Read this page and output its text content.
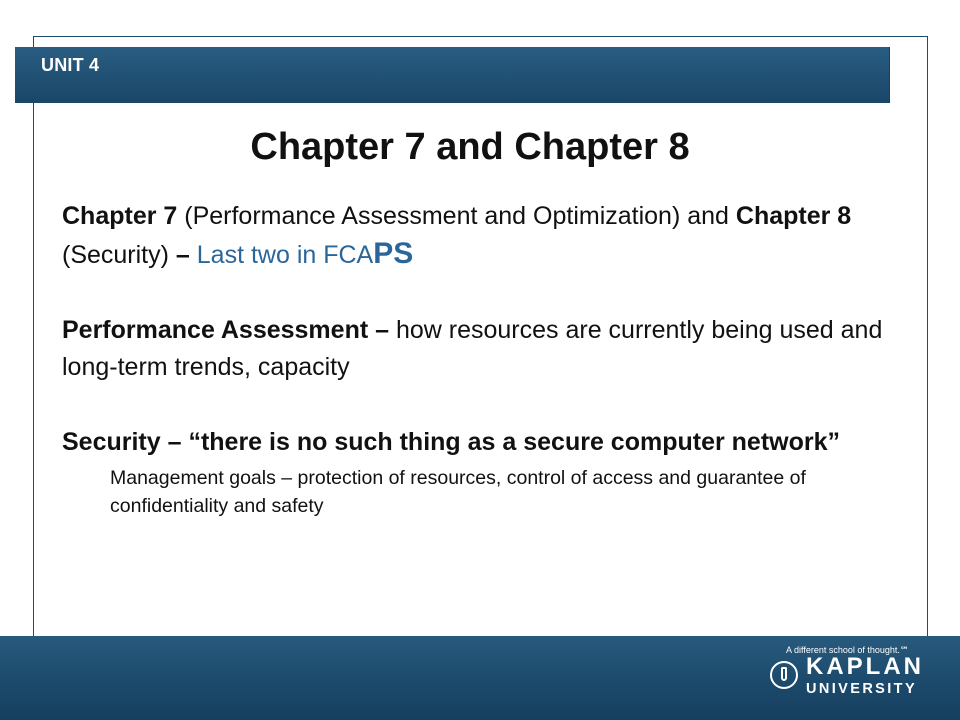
UNIT 4
Chapter 7 and Chapter 8

Chapter 7 (Performance Assessment and Optimization) and Chapter 8 (Security) – Last two in FCAPS

Performance Assessment – how resources are currently being used and long-term trends, capacity

Security – “there is no such thing as a secure computer network”

Management goals – protection of resources, control of access and guarantee of confidentiality and safety

A different school of thought.℠
KAPLAN
UNIVERSITY
